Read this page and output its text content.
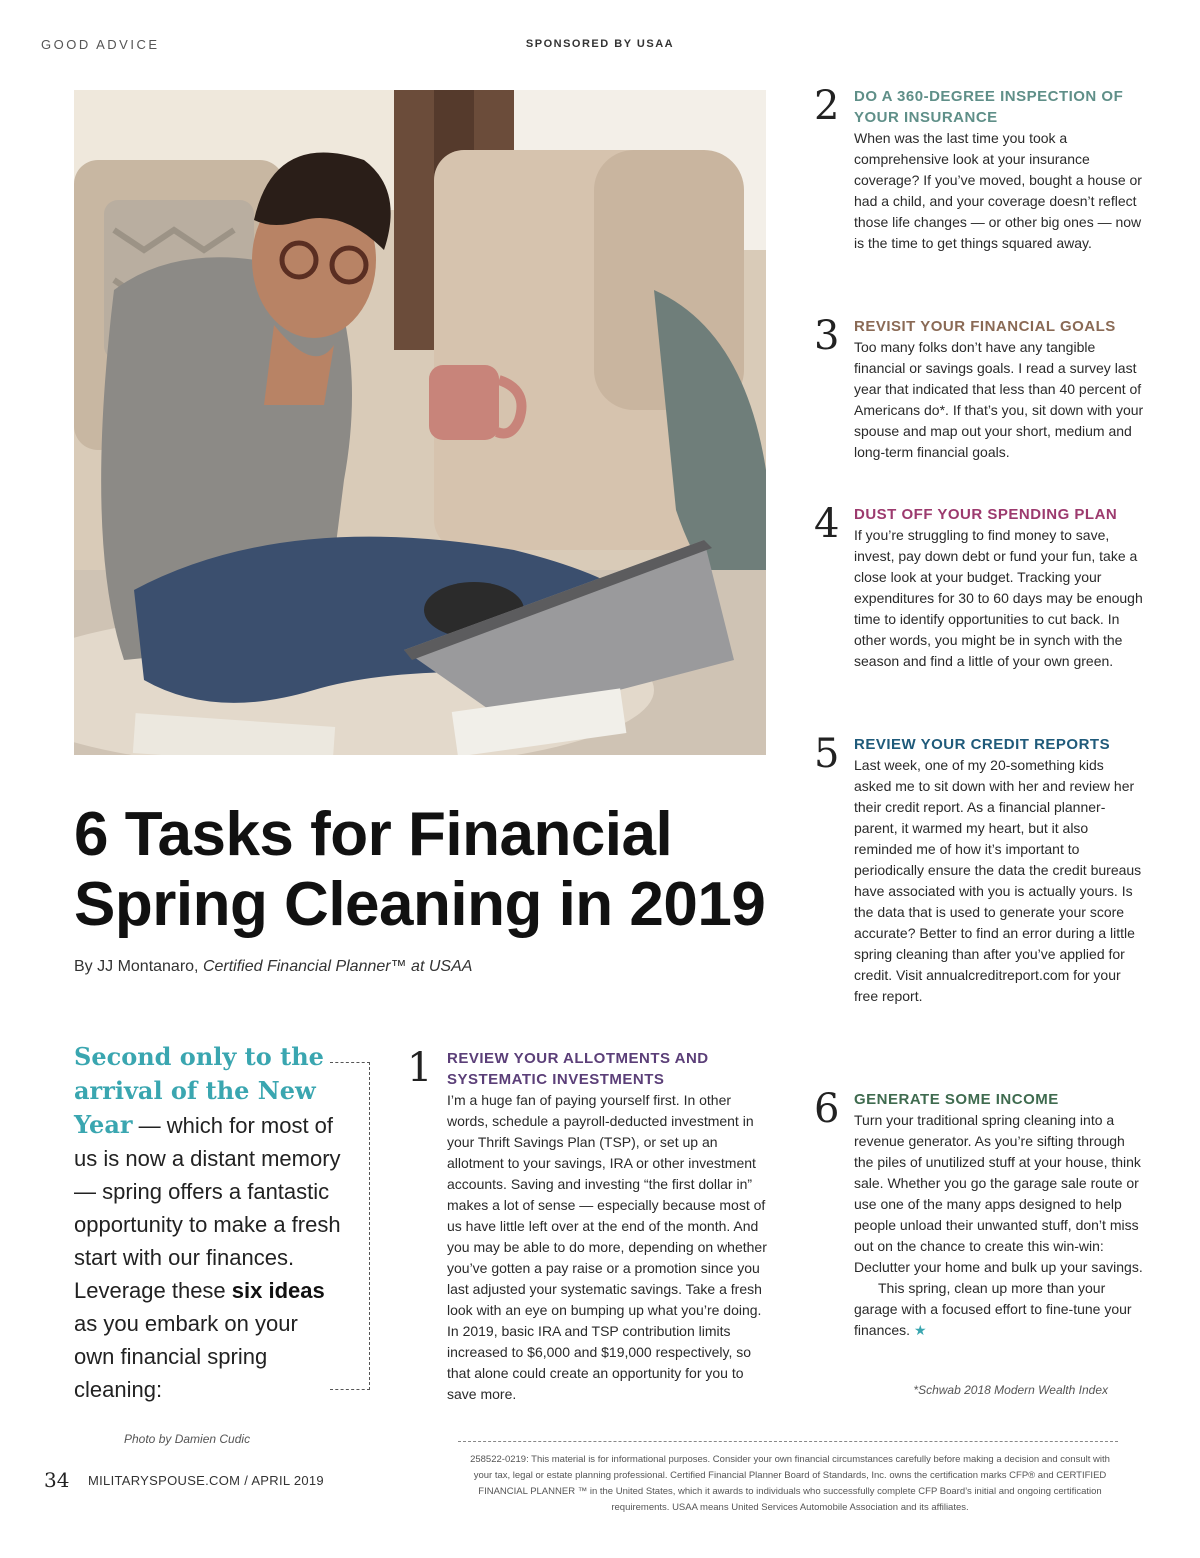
GOOD ADVICE	SPONSORED BY USAA
6 Tasks for Financial
Spring Cleaning in 2019
By JJ Montanaro, Certified Financial Planner™ at USAA
Second only to the arrival of the New Year — which for most of us is now a distant memory — spring offers a fantastic opportunity to make a fresh start with our finances. Leverage these six ideas as you embark on your own financial spring cleaning:
1 REVIEW YOUR ALLOTMENTS AND SYSTEMATIC INVESTMENTS

I’m a huge fan of paying yourself first. In other words, schedule a payroll-deducted investment in your Thrift Savings Plan (TSP), or set up an allotment to your savings, IRA or other investment accounts. Saving and investing “the first dollar in” makes a lot of sense — especially because most of us have little left over at the end of the month. And you may be able to do more, depending on whether you’ve gotten a pay raise or a promotion since you last adjusted your systematic savings. Take a fresh look with an eye on bumping up what you’re doing. In 2019, basic IRA and TSP contribution limits increased to $6,000 and $19,000 respectively, so that alone could create an opportunity for you to save more.

2 DO A 360-DEGREE INSPECTION OF YOUR INSURANCE

When was the last time you took a comprehensive look at your insurance coverage? If you’ve moved, bought a house or had a child, and your coverage doesn’t reflect those life changes — or other big ones — now is the time to get things squared away.

3 REVISIT YOUR FINANCIAL GOALS

Too many folks don’t have any tangible financial or savings goals. I read a survey last year that indicated that less than 40 percent of Americans do*. If that’s you, sit down with your spouse and map out your short, medium and long-term financial goals.

4 DUST OFF YOUR SPENDING PLAN

If you’re struggling to find money to save, invest, pay down debt or fund your fun, take a close look at your budget. Tracking your expenditures for 30 to 60 days may be enough time to identify opportunities to cut back. In other words, you might be in synch with the season and find a little of your own green.

5 REVIEW YOUR CREDIT REPORTS

Last week, one of my 20-something kids asked me to sit down with her and review her their credit report. As a financial planner-parent, it warmed my heart, but it also reminded me of how it’s important to periodically ensure the data the credit bureaus have associated with you is actually yours. Is the data that is used to generate your score accurate? Better to find an error during a little spring cleaning than after you’ve applied for credit. Visit annualcreditreport.com for your free report.

6 GENERATE SOME INCOME

Turn your traditional spring cleaning into a revenue generator. As you’re sifting through the piles of unutilized stuff at your house, think sale. Whether you go the garage sale route or use one of the many apps designed to help people unload their unwanted stuff, don’t miss out on the chance to create this win-win: Declutter your home and bulk up your savings.
This spring, clean up more than your garage with a focused effort to fine-tune your finances. ★

*Schwab 2018 Modern Wealth Index
Photo by Damien Cudic
258522-0219: This material is for informational purposes. Consider your own financial circumstances carefully before making a decision and consult with your tax, legal or estate planning professional. Certified Financial Planner Board of Standards, Inc. owns the certification marks CFP® and CERTIFIED FINANCIAL PLANNER ™ in the United States, which it awards to individuals who successfully complete CFP Board’s initial and ongoing certification requirements. USAA means United Services Automobile Association and its affiliates.
34 MILITARYSPOUSE.COM / APRIL 2019
